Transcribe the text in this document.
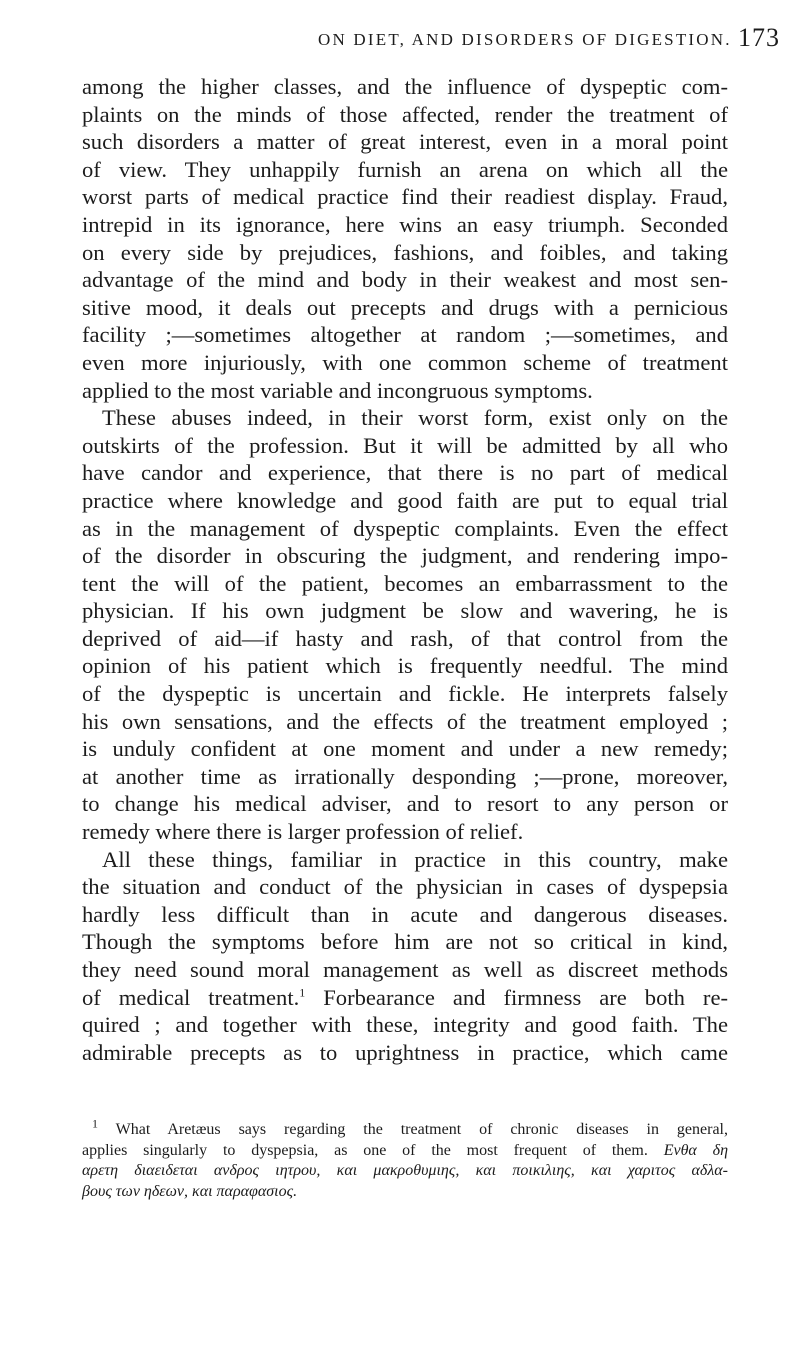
ON DIET, AND DISORDERS OF DIGESTION. 173
among the higher classes, and the influence of dyspeptic com-
plaints on the minds of those affected, render the treatment of
such disorders a matter of great interest, even in a moral point
of view. They unhappily furnish an arena on which all the
worst parts of medical practice find their readiest display. Fraud,
intrepid in its ignorance, here wins an easy triumph. Seconded
on every side by prejudices, fashions, and foibles, and taking
advantage of the mind and body in their weakest and most sen-
sitive mood, it deals out precepts and drugs with a pernicious
facility ;—sometimes altogether at random ;—sometimes, and
even more injuriously, with one common scheme of treatment
applied to the most variable and incongruous symptoms.
These abuses indeed, in their worst form, exist only on the
outskirts of the profession. But it will be admitted by all who
have candor and experience, that there is no part of medical
practice where knowledge and good faith are put to equal trial
as in the management of dyspeptic complaints. Even the effect
of the disorder in obscuring the judgment, and rendering impo-
tent the will of the patient, becomes an embarrassment to the
physician. If his own judgment be slow and wavering, he is
deprived of aid—if hasty and rash, of that control from the
opinion of his patient which is frequently needful. The mind
of the dyspeptic is uncertain and fickle. He interprets falsely
his own sensations, and the effects of the treatment employed ;
is unduly confident at one moment and under a new remedy;
at another time as irrationally desponding ;—prone, moreover,
to change his medical adviser, and to resort to any person or
remedy where there is larger profession of relief.
All these things, familiar in practice in this country, make
the situation and conduct of the physician in cases of dyspepsia
hardly less difficult than in acute and dangerous diseases.
Though the symptoms before him are not so critical in kind,
they need sound moral management as well as discreet methods
of medical treatment.$^1$ Forbearance and firmness are both re-
quired ; and together with these, integrity and good faith. The
admirable precepts as to uprightness in practice, which came
$^1$ What Aretæus says regarding the treatment of chronic diseases in general,
applies singularly to dyspepsia, as one of the most frequent of them. Ενθα δη
αρετη διαειδεται ανδρος ιητρου, και μακροθυμιης, και ποικιλιης, και χαριτος αδλα-
βους των ηδεων, και παραφασιος.
